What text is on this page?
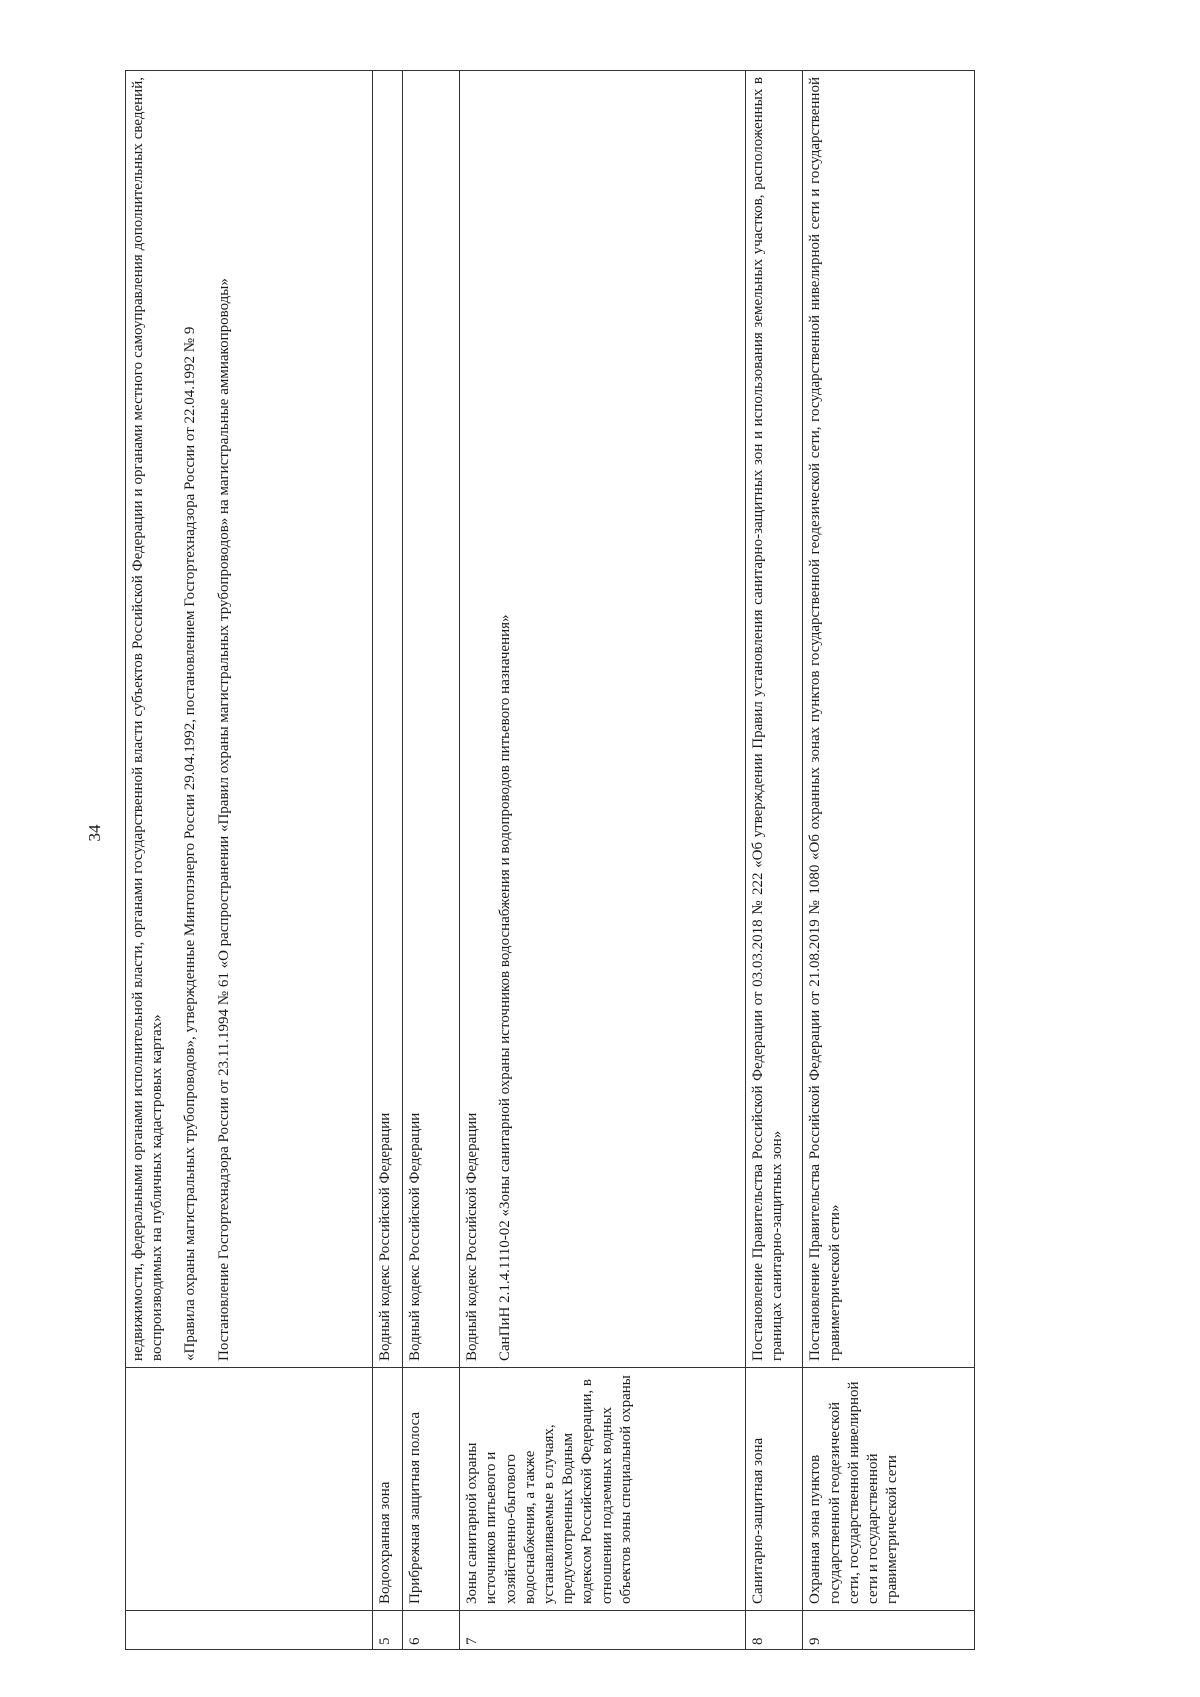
34

		недвижимости, федеральными органами исполнительной власти, органами государственной власти субъектов Российской Федерации и органами местного самоуправления дополнительных сведений, воспроизводимых на публичных кадастровых картах» «Правила охраны магистральных трубопроводов», утвержденные Минтопэнерго России 29.04.1992, постановлением Госгортехнадзора России от 22.04.1992 № 9 Постановление Госгортехнадзора России от 23.11.1994 № 61 «О распространении «Правил охраны магистральных трубопроводов» на магистральные аммиакопроводы»

5	Водоохранная зона	Водный кодекс Российской Федерации
6	Прибрежная защитная полоса	Водный кодекс Российской Федерации
7	Зоны санитарной охраны источников питьевого и хозяйственно-бытового водоснабжения, а также устанавливаемые в случаях, предусмотренных Водным кодексом Российской Федерации, в отношении подземных водных объектов зоны специальной охраны	Водный кодекс Российской Федерации СанПиН 2.1.4.1110-02 «Зоны санитарной охраны источников водоснабжения и водопроводов питьевого назначения»

8	Санитарно-защитная зона	Постановление Правительства Российской Федерации от 03.03.2018 № 222 «Об утверждении Правил установления санитарно-защитных зон и использования земельных участков, расположенных в границах санитарно-защитных зон»
9	Охранная зона пунктов государственной геодезической сети, государственной нивелирной сети и государственной гравиметрической сети	Постановление Правительства Российской Федерации от 21.08.2019 № 1080 «Об охранных зонах пунктов государственной геодезической сети, государственной нивелирной сети и государственной гравиметрической сети»
